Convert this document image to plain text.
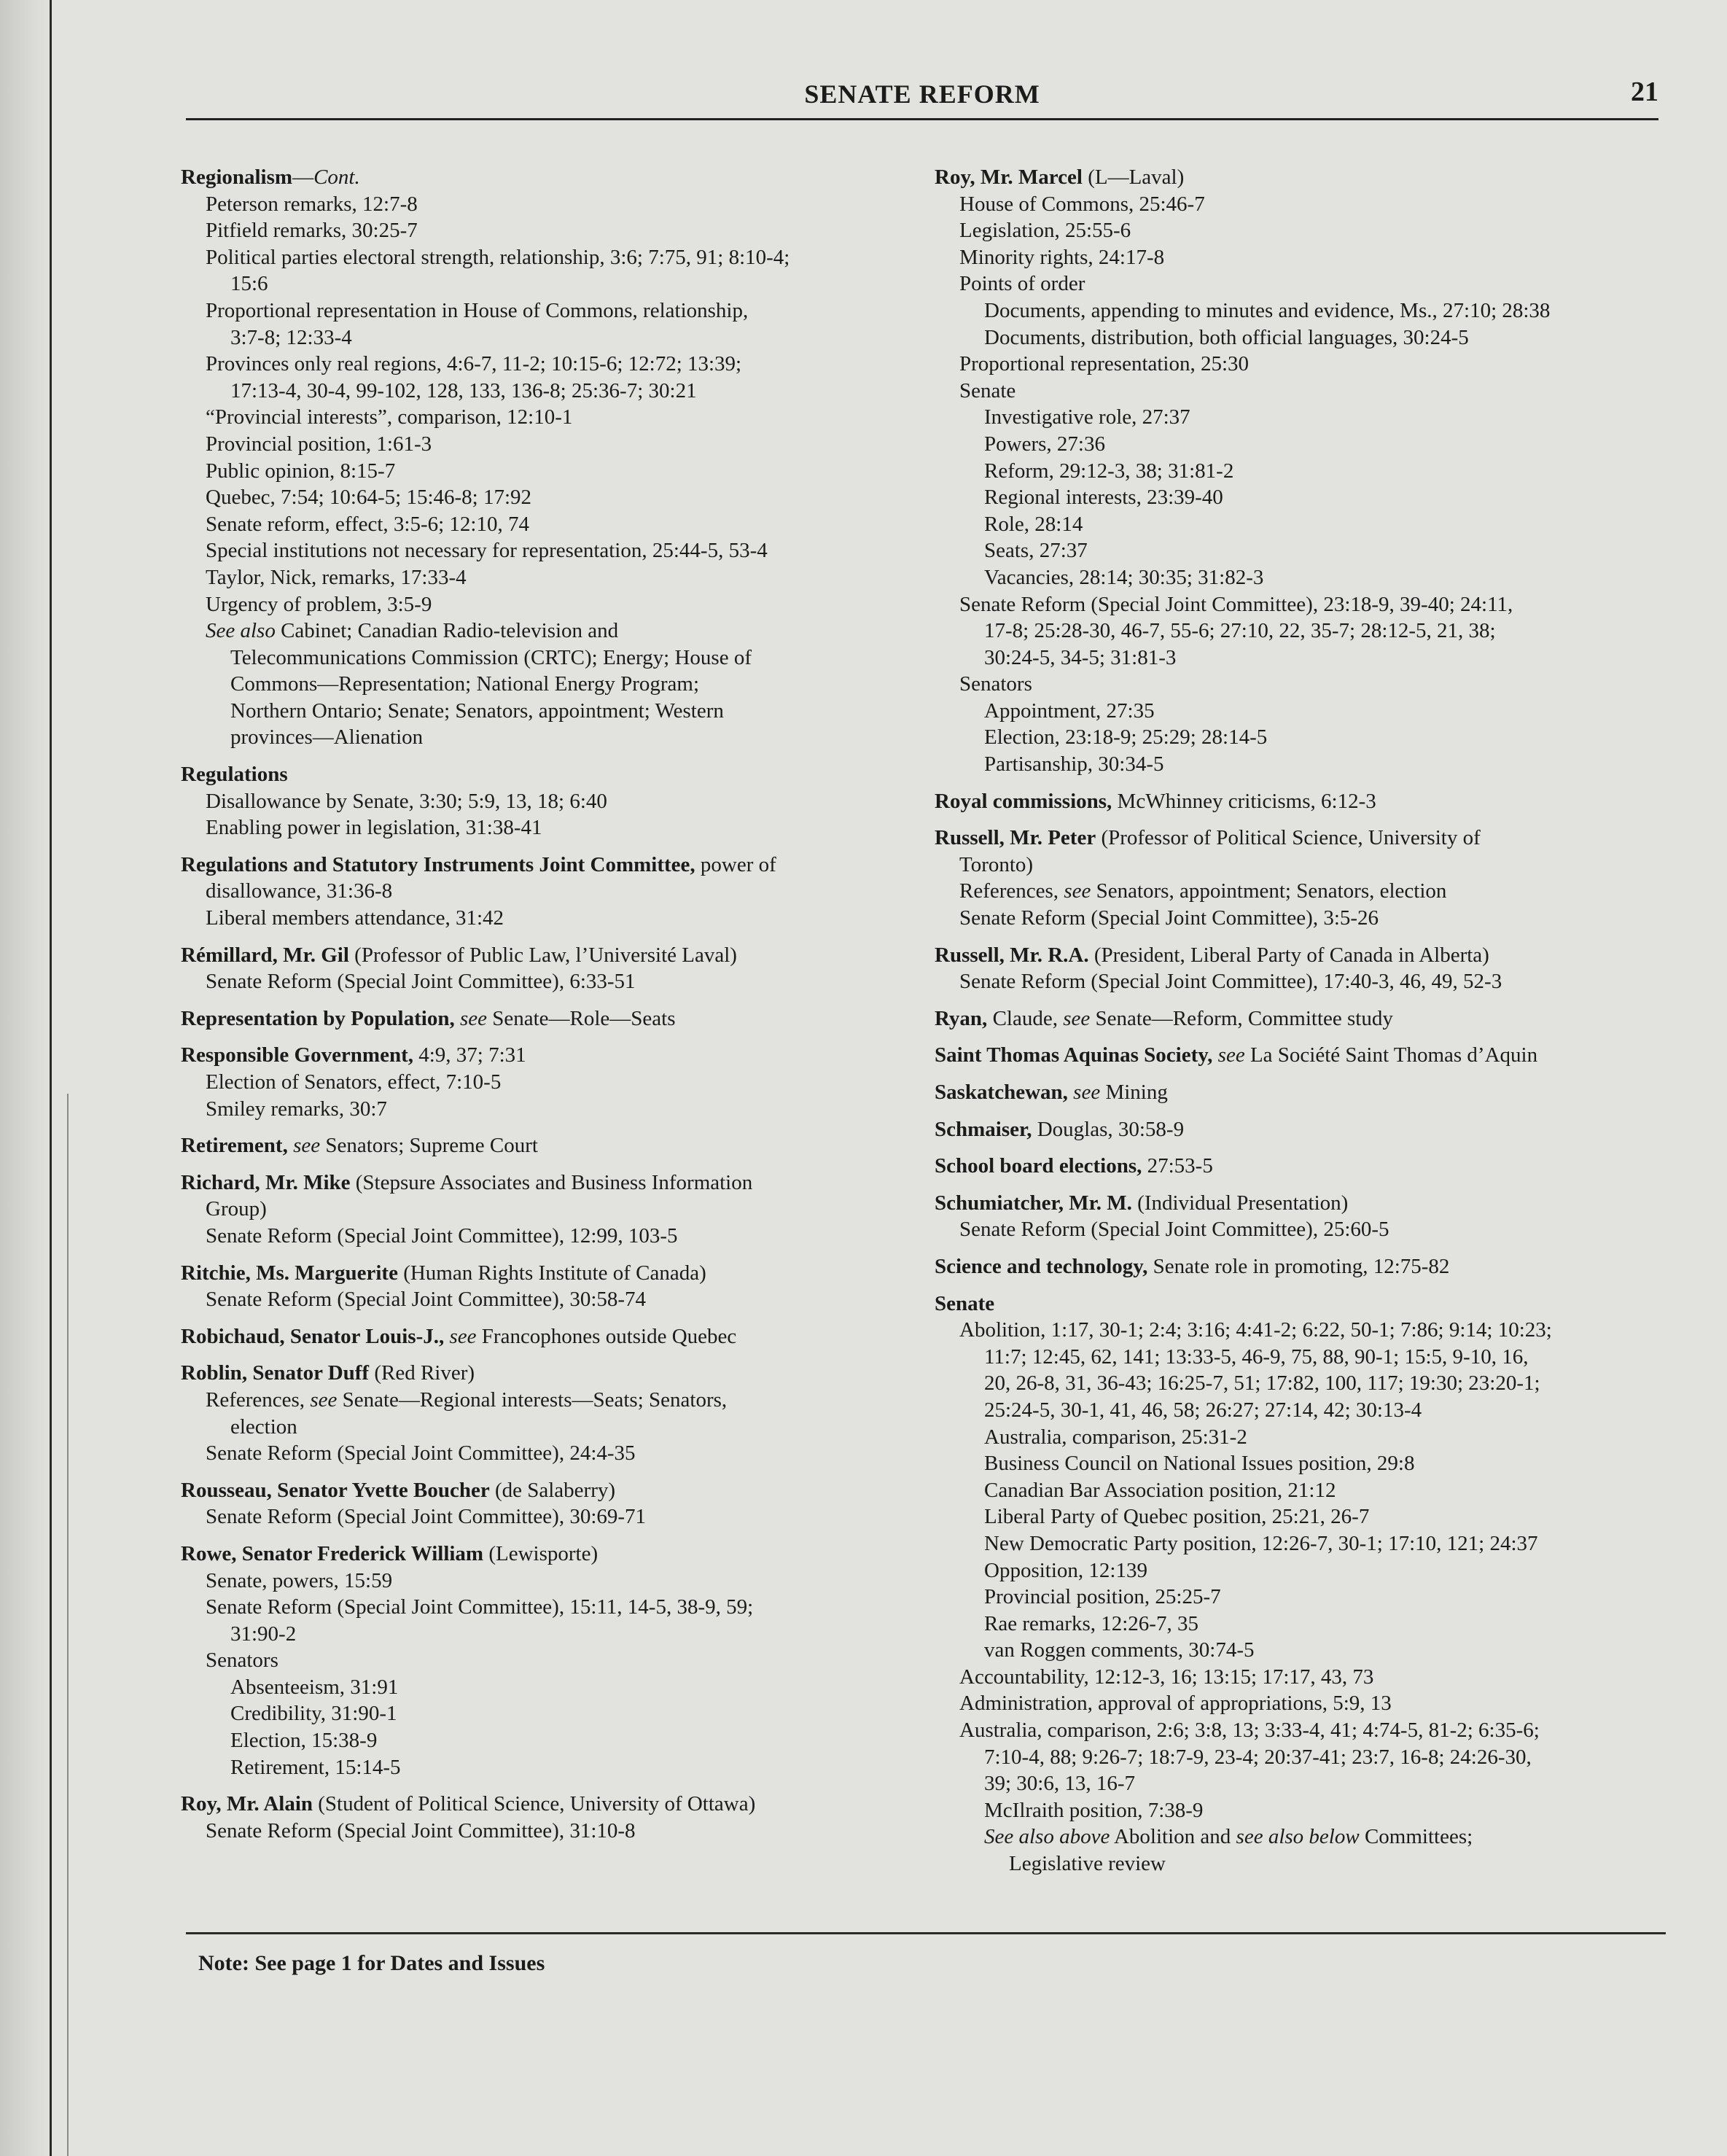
SENATE REFORM	21
Regionalism—Cont.
Peterson remarks, 12:7-8
Pitfield remarks, 30:25-7
Political parties electoral strength, relationship, 3:6; 7:75, 91; 8:10-4;
15:6
Proportional representation in House of Commons, relationship,
3:7-8; 12:33-4
Provinces only real regions, 4:6-7, 11-2; 10:15-6; 12:72; 13:39;
17:13-4, 30-4, 99-102, 128, 133, 136-8; 25:36-7; 30:21
“Provincial interests”, comparison, 12:10-1
Provincial position, 1:61-3
Public opinion, 8:15-7
Quebec, 7:54; 10:64-5; 15:46-8; 17:92
Senate reform, effect, 3:5-6; 12:10, 74
Special institutions not necessary for representation, 25:44-5, 53-4
Taylor, Nick, remarks, 17:33-4
Urgency of problem, 3:5-9
See also Cabinet; Canadian Radio-television and
Telecommunications Commission (CRTC); Energy; House of
Commons—Representation; National Energy Program;
Northern Ontario; Senate; Senators, appointment; Western
provinces—Alienation
Regulations
Disallowance by Senate, 3:30; 5:9, 13, 18; 6:40
Enabling power in legislation, 31:38-41
Regulations and Statutory Instruments Joint Committee, power of
disallowance, 31:36-8
Liberal members attendance, 31:42
Rémillard, Mr. Gil (Professor of Public Law, l’Université Laval)
Senate Reform (Special Joint Committee), 6:33-51
Representation by Population, see Senate—Role—Seats
Responsible Government, 4:9, 37; 7:31
Election of Senators, effect, 7:10-5
Smiley remarks, 30:7
Retirement, see Senators; Supreme Court
Richard, Mr. Mike (Stepsure Associates and Business Information
Group)
Senate Reform (Special Joint Committee), 12:99, 103-5
Ritchie, Ms. Marguerite (Human Rights Institute of Canada)
Senate Reform (Special Joint Committee), 30:58-74
Robichaud, Senator Louis-J., see Francophones outside Quebec
Roblin, Senator Duff (Red River)
References, see Senate—Regional interests—Seats; Senators,
election
Senate Reform (Special Joint Committee), 24:4-35
Rousseau, Senator Yvette Boucher (de Salaberry)
Senate Reform (Special Joint Committee), 30:69-71
Rowe, Senator Frederick William (Lewisporte)
Senate, powers, 15:59
Senate Reform (Special Joint Committee), 15:11, 14-5, 38-9, 59;
31:90-2
Senators
Absenteeism, 31:91
Credibility, 31:90-1
Election, 15:38-9
Retirement, 15:14-5
Roy, Mr. Alain (Student of Political Science, University of Ottawa)
Senate Reform (Special Joint Committee), 31:10-8
Roy, Mr. Marcel (L—Laval)
House of Commons, 25:46-7
Legislation, 25:55-6
Minority rights, 24:17-8
Points of order
Documents, appending to minutes and evidence, Ms., 27:10; 28:38
Documents, distribution, both official languages, 30:24-5
Proportional representation, 25:30
Senate
Investigative role, 27:37
Powers, 27:36
Reform, 29:12-3, 38; 31:81-2
Regional interests, 23:39-40
Role, 28:14
Seats, 27:37
Vacancies, 28:14; 30:35; 31:82-3
Senate Reform (Special Joint Committee), 23:18-9, 39-40; 24:11,
17-8; 25:28-30, 46-7, 55-6; 27:10, 22, 35-7; 28:12-5, 21, 38;
30:24-5, 34-5; 31:81-3
Senators
Appointment, 27:35
Election, 23:18-9; 25:29; 28:14-5
Partisanship, 30:34-5
Royal commissions, McWhinney criticisms, 6:12-3
Russell, Mr. Peter (Professor of Political Science, University of
Toronto)
References, see Senators, appointment; Senators, election
Senate Reform (Special Joint Committee), 3:5-26
Russell, Mr. R.A. (President, Liberal Party of Canada in Alberta)
Senate Reform (Special Joint Committee), 17:40-3, 46, 49, 52-3
Ryan, Claude, see Senate—Reform, Committee study
Saint Thomas Aquinas Society, see La Société Saint Thomas d’Aquin
Saskatchewan, see Mining
Schmaiser, Douglas, 30:58-9
School board elections, 27:53-5
Schumiatcher, Mr. M. (Individual Presentation)
Senate Reform (Special Joint Committee), 25:60-5
Science and technology, Senate role in promoting, 12:75-82
Senate
Abolition, 1:17, 30-1; 2:4; 3:16; 4:41-2; 6:22, 50-1; 7:86; 9:14; 10:23;
11:7; 12:45, 62, 141; 13:33-5, 46-9, 75, 88, 90-1; 15:5, 9-10, 16,
20, 26-8, 31, 36-43; 16:25-7, 51; 17:82, 100, 117; 19:30; 23:20-1;
25:24-5, 30-1, 41, 46, 58; 26:27; 27:14, 42; 30:13-4
Australia, comparison, 25:31-2
Business Council on National Issues position, 29:8
Canadian Bar Association position, 21:12
Liberal Party of Quebec position, 25:21, 26-7
New Democratic Party position, 12:26-7, 30-1; 17:10, 121; 24:37
Opposition, 12:139
Provincial position, 25:25-7
Rae remarks, 12:26-7, 35
van Roggen comments, 30:74-5
Accountability, 12:12-3, 16; 13:15; 17:17, 43, 73
Administration, approval of appropriations, 5:9, 13
Australia, comparison, 2:6; 3:8, 13; 3:33-4, 41; 4:74-5, 81-2; 6:35-6;
7:10-4, 88; 9:26-7; 18:7-9, 23-4; 20:37-41; 23:7, 16-8; 24:26-30,
39; 30:6, 13, 16-7
McIlraith position, 7:38-9
See also above Abolition and see also below Committees;
Legislative review
Note: See page 1 for Dates and Issues
